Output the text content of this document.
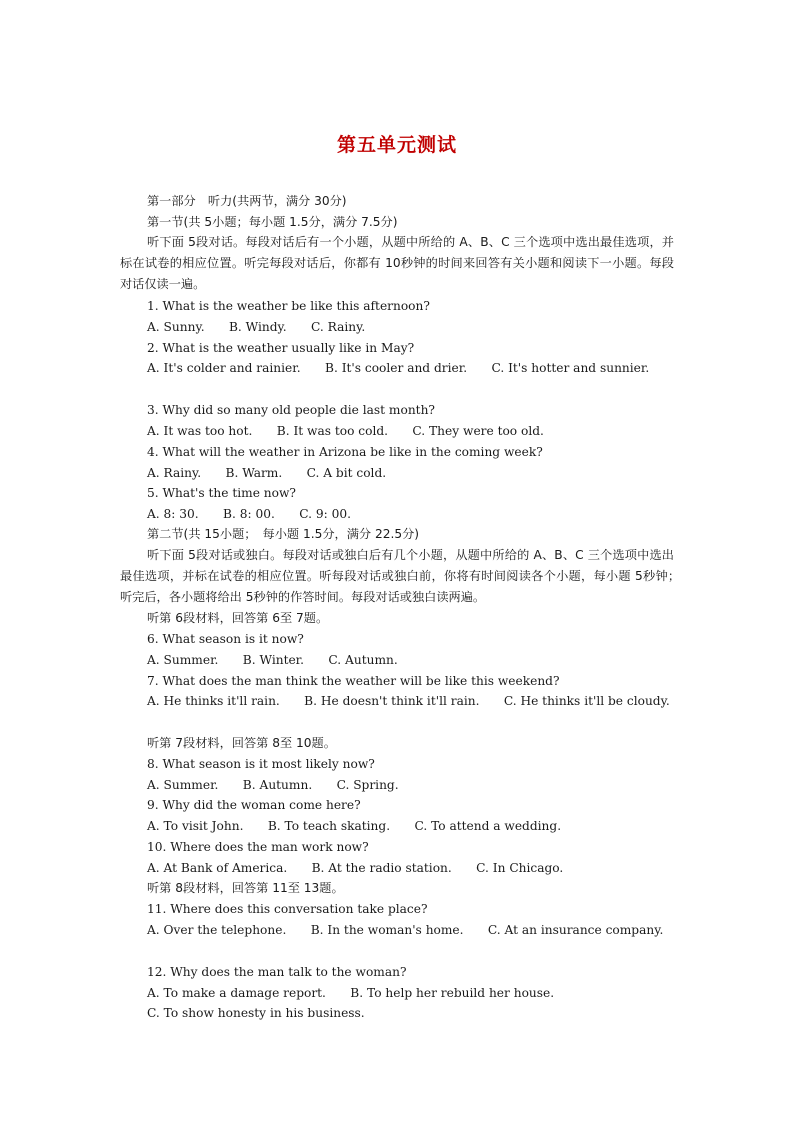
第五单元测试
第一部分　听力(共两节，满分 30分)
第一节(共 5小题；每小题 1.5分，满分 7.5分)
听下面 5段对话。每段对话后有一个小题，从题中所给的 A、B、C 三个选项中选出最佳选项，并标在试卷的相应位置。听完每段对话后，你都有 10秒钟的时间来回答有关小题和阅读下一小题。每段对话仅读一遍。
1. What is the weather be like this afternoon?
A. Sunny.　　B. Windy.　　C. Rainy.
2. What is the weather usually like in May?
A. It's colder and rainier.　　B. It's cooler and drier.　　C. It's hotter and sunnier.
3. Why did so many old people die last month?
A. It was too hot.　　B. It was too cold.　　C. They were too old.
4. What will the weather in Arizona be like in the coming week?
A. Rainy.　　B. Warm.　　C. A bit cold.
5. What's the time now?
A. 8: 30.　　B. 8: 00.　　C. 9: 00.
第二节(共 15小题；　每小题 1.5分，满分 22.5分)
听下面 5段对话或独白。每段对话或独白后有几个小题，从题中所给的 A、B、C 三个选项中选出最佳选项，并标在试卷的相应位置。听每段对话或独白前，你将有时间阅读各个小题，每小题 5秒钟；　听完后，各小题将给出 5秒钟的作答时间。每段对话或独白读两遍。
听第 6段材料，回答第 6至 7题。
6. What season is it now?
A. Summer.　　B. Winter.　　C. Autumn.
7. What does the man think the weather will be like this weekend?
A. He thinks it'll rain.　　B. He doesn't think it'll rain.　　C. He thinks it'll be cloudy.
听第 7段材料，回答第 8至 10题。
8. What season is it most likely now?
A. Summer.　　B. Autumn.　　C. Spring.
9. Why did the woman come here?
A. To visit John.　　B. To teach skating.　　C. To attend a wedding.
10. Where does the man work now?
A. At Bank of America.　　B. At the radio station.　　C. In Chicago.
听第 8段材料，回答第 11至 13题。
11. Where does this conversation take place?
A. Over the telephone.　　B. In the woman's home.　　C. At an insurance company.
12. Why does the man talk to the woman?
A. To make a damage report.　　B. To help her rebuild her house.
C. To show honesty in his business.
